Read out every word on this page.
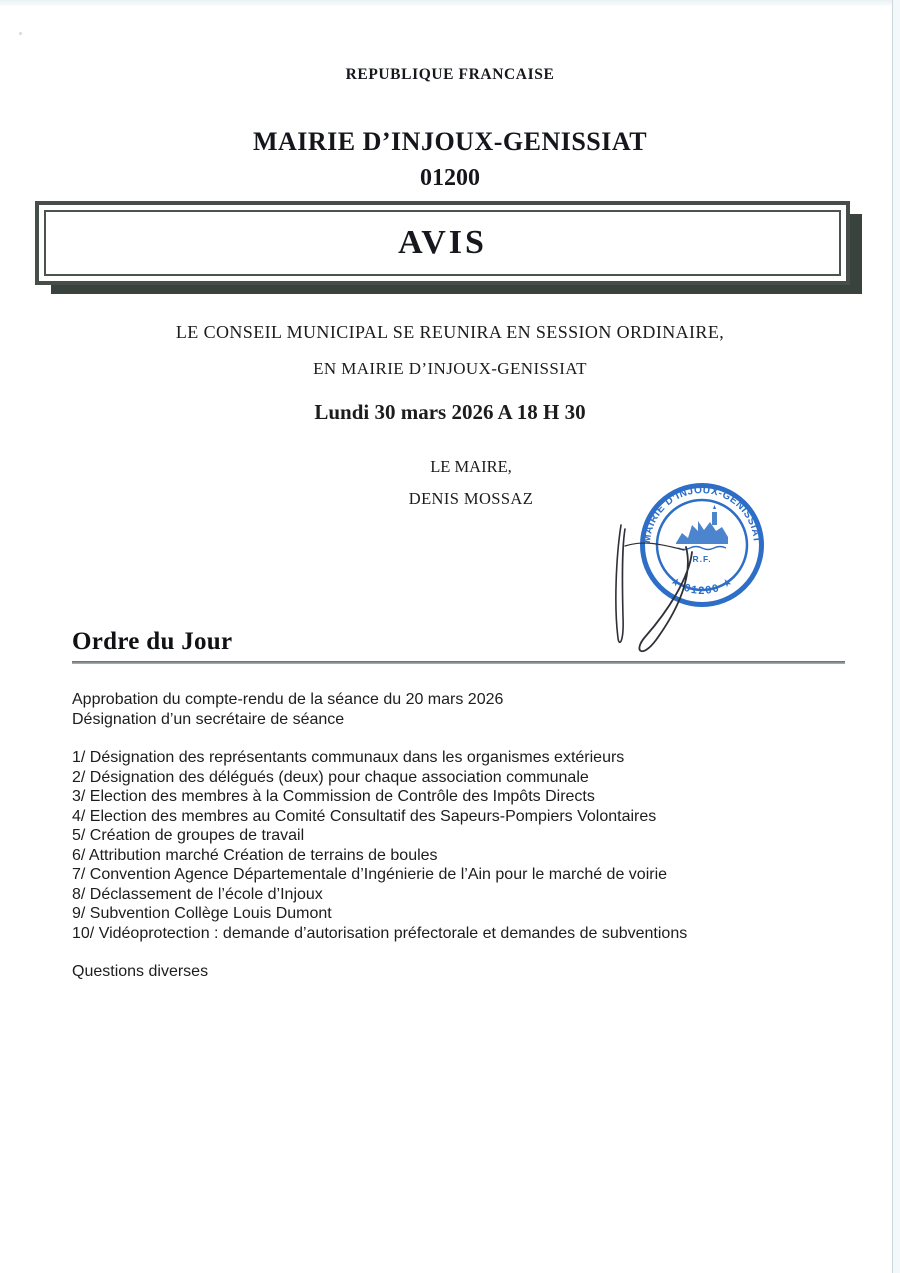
REPUBLIQUE FRANCAISE
MAIRIE D’INJOUX-GENISSIAT
01200
AVIS
LE CONSEIL MUNICIPAL SE REUNIRA EN SESSION ORDINAIRE,
EN MAIRIE D’INJOUX-GENISSIAT
Lundi 30 mars 2026 A 18 H 30
LE MAIRE,
DENIS MOSSAZ
MAIRIE D’INJOUX-GÉNISSIAT
★ 01200 ★
R.F.
Ordre du Jour
Approbation du compte-rendu de la séance du 20 mars 2026
Désignation d’un secrétaire de séance
1/ Désignation des représentants communaux dans les organismes extérieurs
2/ Désignation des délégués (deux) pour chaque association communale
3/ Election des membres à la Commission de Contrôle des Impôts Directs
4/ Election des membres au Comité Consultatif des Sapeurs-Pompiers Volontaires
5/ Création de groupes de travail
6/ Attribution marché Création de terrains de boules
7/ Convention Agence Départementale d’Ingénierie de l’Ain pour le marché de voirie
8/ Déclassement de l’école d’Injoux
9/ Subvention Collège Louis Dumont
10/ Vidéoprotection : demande d’autorisation préfectorale et demandes de subventions
Questions diverses
